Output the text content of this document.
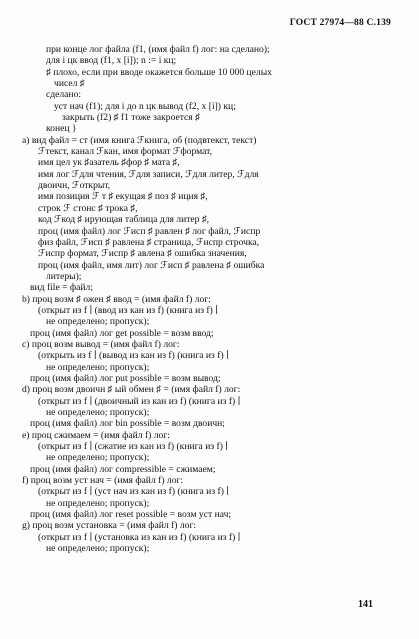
ГОСТ 27974—88 С.139
при конце лог файла (f1, (имя файл f) лог: на сделано);
для i цк ввод (f1, x [i]); n := i кц;
♯ плохо, если при вводе окажется больше 10 000 целых
чисел ♯
сделано:
уст нач (f1); для i до n цк вывод (f2, x [i]) кц;
закрыть (f2) ♯ f1 тоже закроется ♯
конец }
a) вид файл = ст (имя книга ℱкнига, об (подвтекст, текст)
ℱтекст, канал ℱкан, имя формат ℱформат,
имя цел ук ♯азатель ♯фор ♯ мата ♯,
имя лог ℱдля чтения, ℱдля записи, ℱдля литер, ℱдля
двоичн, ℱоткрыт,
имя позиция ℱ т ♯ екущая ♯ поз ♯ иция ♯,
строк ℱ стонс ♯ трока ♯,
код ℱкод ♯ ирующая таблица для литер ♯,
проц (имя файл) лог ℱисп ♯ равлен ♯ лог файл, ℱиспр
физ файл, ℱисп ♯ равлена ♯ страница, ℱиспр строчка,
ℱиспр формат, ℱиспр ♯ авлена ♯ ошибка значения,
проц (имя файл, имя лит) лог ℱисп ♯ равлена ♯ ошибка
литеры);
вид file = файл;
b) проц возм ♯ ожен ♯ ввод = (имя файл f) лог:
(открыт из f ∣ (ввод из кан из f) (книга из f) ∣
не определено; пропуск);
проц (имя файл) лог get possible = возм ввод;
c) проц возм вывод = (имя файл f) лог:
(открыть из f ∣ (вывод из кан из f) (книга из f) ∣
не определено; пропуск);
проц (имя файл) лог put possible = возм вывод;
d) проц возм двоичн ♯ ый обмен ♯ = (имя файл f) лог:
(открыт из f ∣ (двоичный из кан из f) (книга из f) ∣
не определено; пропуск);
проц (имя файл) лог bin possible = возм двоичн;
e) проц сжимаем = (имя файл f) лог:
(открыт из f ∣ (сжатие из кан из f) (книга из f) ∣
не определено; пропуск);
проц (имя файл) лог compressible = сжимаем;
f) проц возм уст нач = (имя файл f) лог:
(открыт из f ∣ (уст нач из кан из f) (книга из f) ∣
не определено; пропуск);
проц (имя файл) лог reset possible = возм уст нач;
g) проц возм установка = (имя файл f) лог:
(открыт из f ∣ (установка из кан из f) (книга из f) ∣
не определено; пропуск);
141
